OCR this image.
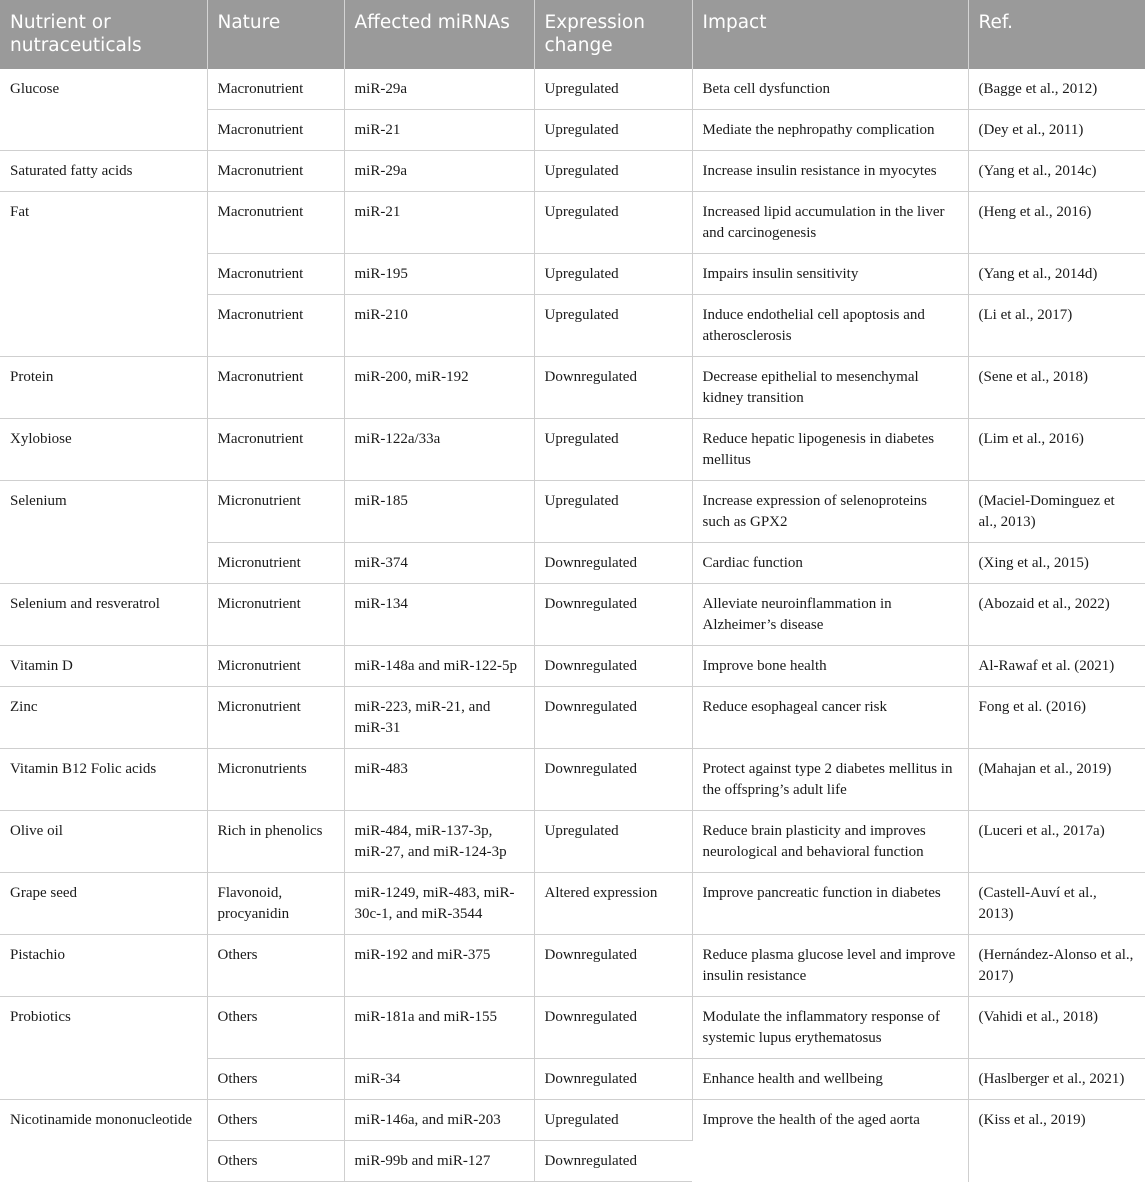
Nutrient or nutraceuticals	Nature	Affected miRNAs	Expression change	Impact	Ref.
Glucose	Macronutrient	miR-29a	Upregulated	Beta cell dysfunction	(Bagge et al., 2012)
	Macronutrient	miR-21	Upregulated	Mediate the nephropathy complication	(Dey et al., 2011)
Saturated fatty acids	Macronutrient	miR-29a	Upregulated	Increase insulin resistance in myocytes	(Yang et al., 2014c)
Fat	Macronutrient	miR-21	Upregulated	Increased lipid accumulation in the liver and carcinogenesis	(Heng et al., 2016)
	Macronutrient	miR-195	Upregulated	Impairs insulin sensitivity	(Yang et al., 2014d)
	Macronutrient	miR-210	Upregulated	Induce endothelial cell apoptosis and atherosclerosis	(Li et al., 2017)
Protein	Macronutrient	miR-200, miR-192	Downregulated	Decrease epithelial to mesenchymal kidney transition	(Sene et al., 2018)
Xylobiose	Macronutrient	miR-122a/33a	Upregulated	Reduce hepatic lipogenesis in diabetes mellitus	(Lim et al., 2016)
Selenium	Micronutrient	miR-185	Upregulated	Increase expression of selenoproteins such as GPX2	(Maciel-Dominguez et al., 2013)
	Micronutrient	miR-374	Downregulated	Cardiac function	(Xing et al., 2015)
Selenium and resveratrol	Micronutrient	miR-134	Downregulated	Alleviate neuroinflammation in Alzheimer’s disease	(Abozaid et al., 2022)
Vitamin D	Micronutrient	miR-148a and miR-122-5p	Downregulated	Improve bone health	Al-Rawaf et al. (2021)
Zinc	Micronutrient	miR-223, miR-21, and miR-31	Downregulated	Reduce esophageal cancer risk	Fong et al. (2016)
Vitamin B12 Folic acids	Micronutrients	miR-483	Downregulated	Protect against type 2 diabetes mellitus in the offspring’s adult life	(Mahajan et al., 2019)
Olive oil	Rich in phenolics	miR-484, miR-137-3p, miR-27, and miR-124-3p	Upregulated	Reduce brain plasticity and improves neurological and behavioral function	(Luceri et al., 2017a)
Grape seed	Flavonoid, procyanidin	miR-1249, miR-483, miR-30c-1, and miR-3544	Altered expression	Improve pancreatic function in diabetes	(Castell-Auví et al., 2013)
Pistachio	Others	miR-192 and miR-375	Downregulated	Reduce plasma glucose level and improve insulin resistance	(Hernández-Alonso et al., 2017)
Probiotics	Others	miR-181a and miR-155	Downregulated	Modulate the inflammatory response of systemic lupus erythematosus	(Vahidi et al., 2018)
	Others	miR-34	Downregulated	Enhance health and wellbeing	(Haslberger et al., 2021)
Nicotinamide mononucleotide	Others	miR-146a, and miR-203	Upregulated	Improve the health of the aged aorta	(Kiss et al., 2019)
	Others	miR-99b and miR-127	Downregulated		
